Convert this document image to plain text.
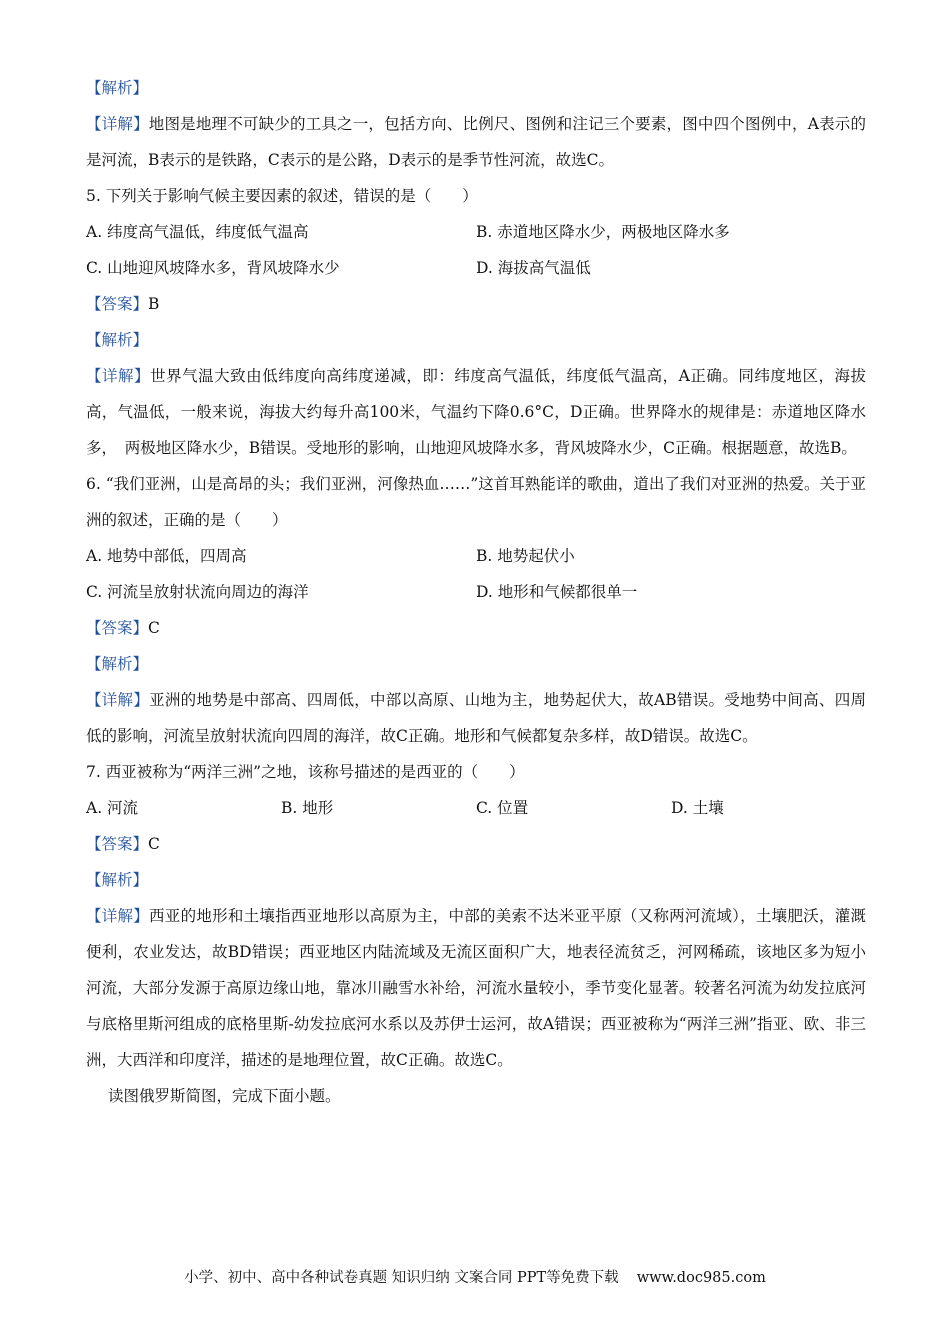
【解析】
【详解】地图是地理不可缺少的工具之一，包括方向、比例尺、图例和注记三个要素，图中四个图例中，A表示的是河流，B表示的是铁路，C表示的是公路，D表示的是季节性河流，故选C。
5. 下列关于影响气候主要因素的叙述，错误的是（　　）
A. 纬度高气温低，纬度低气温高	B. 赤道地区降水少，两极地区降水多
C. 山地迎风坡降水多，背风坡降水少	D. 海拔高气温低
【答案】B
【解析】
【详解】世界气温大致由低纬度向高纬度递减，即：纬度高气温低，纬度低气温高，A正确。同纬度地区，海拔高，气温低，一般来说，海拔大约每升高100米，气温约下降0.6°C，D正确。世界降水的规律是：赤道地区降水多，　两极地区降水少，B错误。受地形的影响，山地迎风坡降水多，背风坡降水少，C正确。根据题意，故选B。
6. “我们亚洲，山是高昂的头；我们亚洲，河像热血……”这首耳熟能详的歌曲，道出了我们对亚洲的热爱。关于亚洲的叙述，正确的是（　　）
A. 地势中部低，四周高	B. 地势起伏小
C. 河流呈放射状流向周边的海洋	D. 地形和气候都很单一
【答案】C
【解析】
【详解】亚洲的地势是中部高、四周低，中部以高原、山地为主，地势起伏大，故AB错误。受地势中间高、四周低的影响，河流呈放射状流向四周的海洋，故C正确。地形和气候都复杂多样，故D错误。故选C。
7. 西亚被称为“两洋三洲”之地，该称号描述的是西亚的（　　）
A. 河流	B. 地形	C. 位置	D. 土壤
【答案】C
【解析】
【详解】西亚的地形和土壤指西亚地形以高原为主，中部的美索不达米亚平原（又称两河流域），土壤肥沃，灌溉便利，农业发达，故BD错误；西亚地区内陆流域及无流区面积广大，地表径流贫乏，河网稀疏，该地区多为短小河流，大部分发源于高原边缘山地，靠冰川融雪水补给，河流水量较小，季节变化显著。较著名河流为幼发拉底河与底格里斯河组成的底格里斯-幼发拉底河水系以及苏伊士运河，故A错误；西亚被称为“两洋三洲”指亚、欧、非三洲，大西洋和印度洋，描述的是地理位置，故C正确。故选C。
读图俄罗斯简图，完成下面小题。
小学、初中、高中各种试卷真题 知识归纳 文案合同 PPT等免费下载 www.doc985.com
